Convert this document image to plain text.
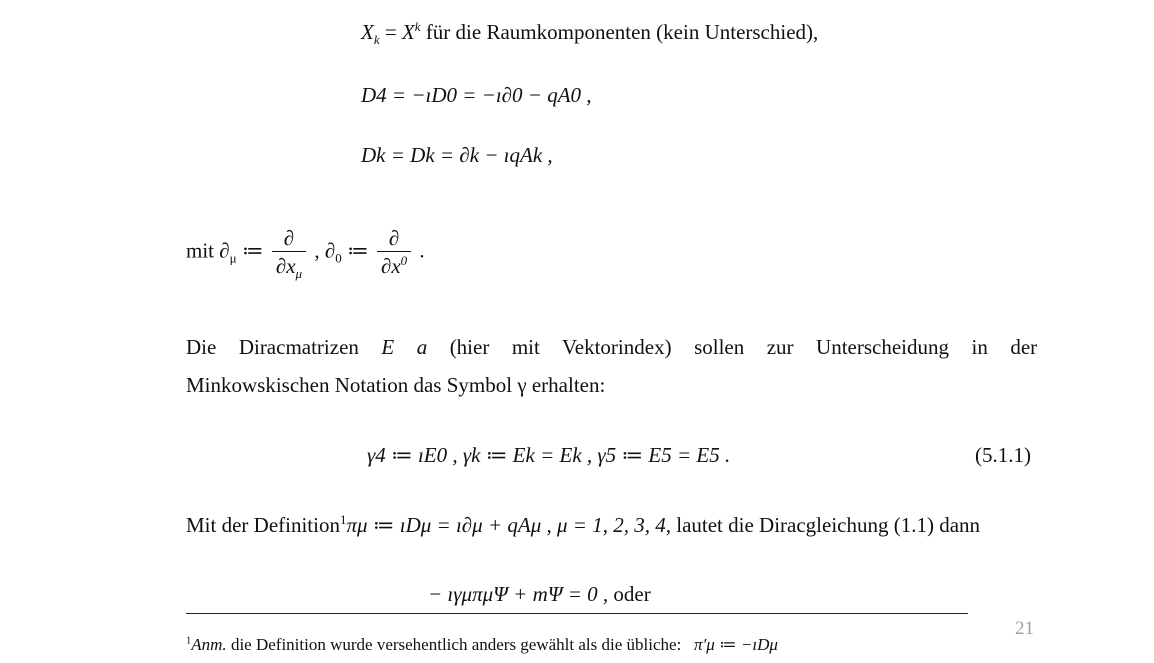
$X_k = X^k$ für die Raumkomponenten (kein Unterschied),
D4 = −ıD0 = −ı∂0 − qA0 ,
Dk = Dk = ∂k − ıqAk ,
mit $\partial_\mu$ ≔ $\frac{\partial}{\partial x_\mu}$ , $\partial_0$ ≔ $\frac{\partial}{\partial x^0}$ .
Die Diracmatrizen E a (hier mit Vektorindex) sollen zur Unterscheidung in der
Minkowskischen Notation das Symbol γ erhalten:
γ4 ≔ ıE0 , γk ≔ Ek = Ek , γ5 ≔ E5 = E5 .	(5.1.1)
Mit der Definition$^1$πμ ≔ ıDμ = ı∂μ + qAμ , μ = 1, 2, 3, 4, lautet die Diracgleichung (1.1) dann
− ıγμπμΨ + mΨ = 0 , oder
21
$^1$Anm. die Definition wurde versehentlich anders gewählt als die übliche: π′μ ≔ −ıDμ
